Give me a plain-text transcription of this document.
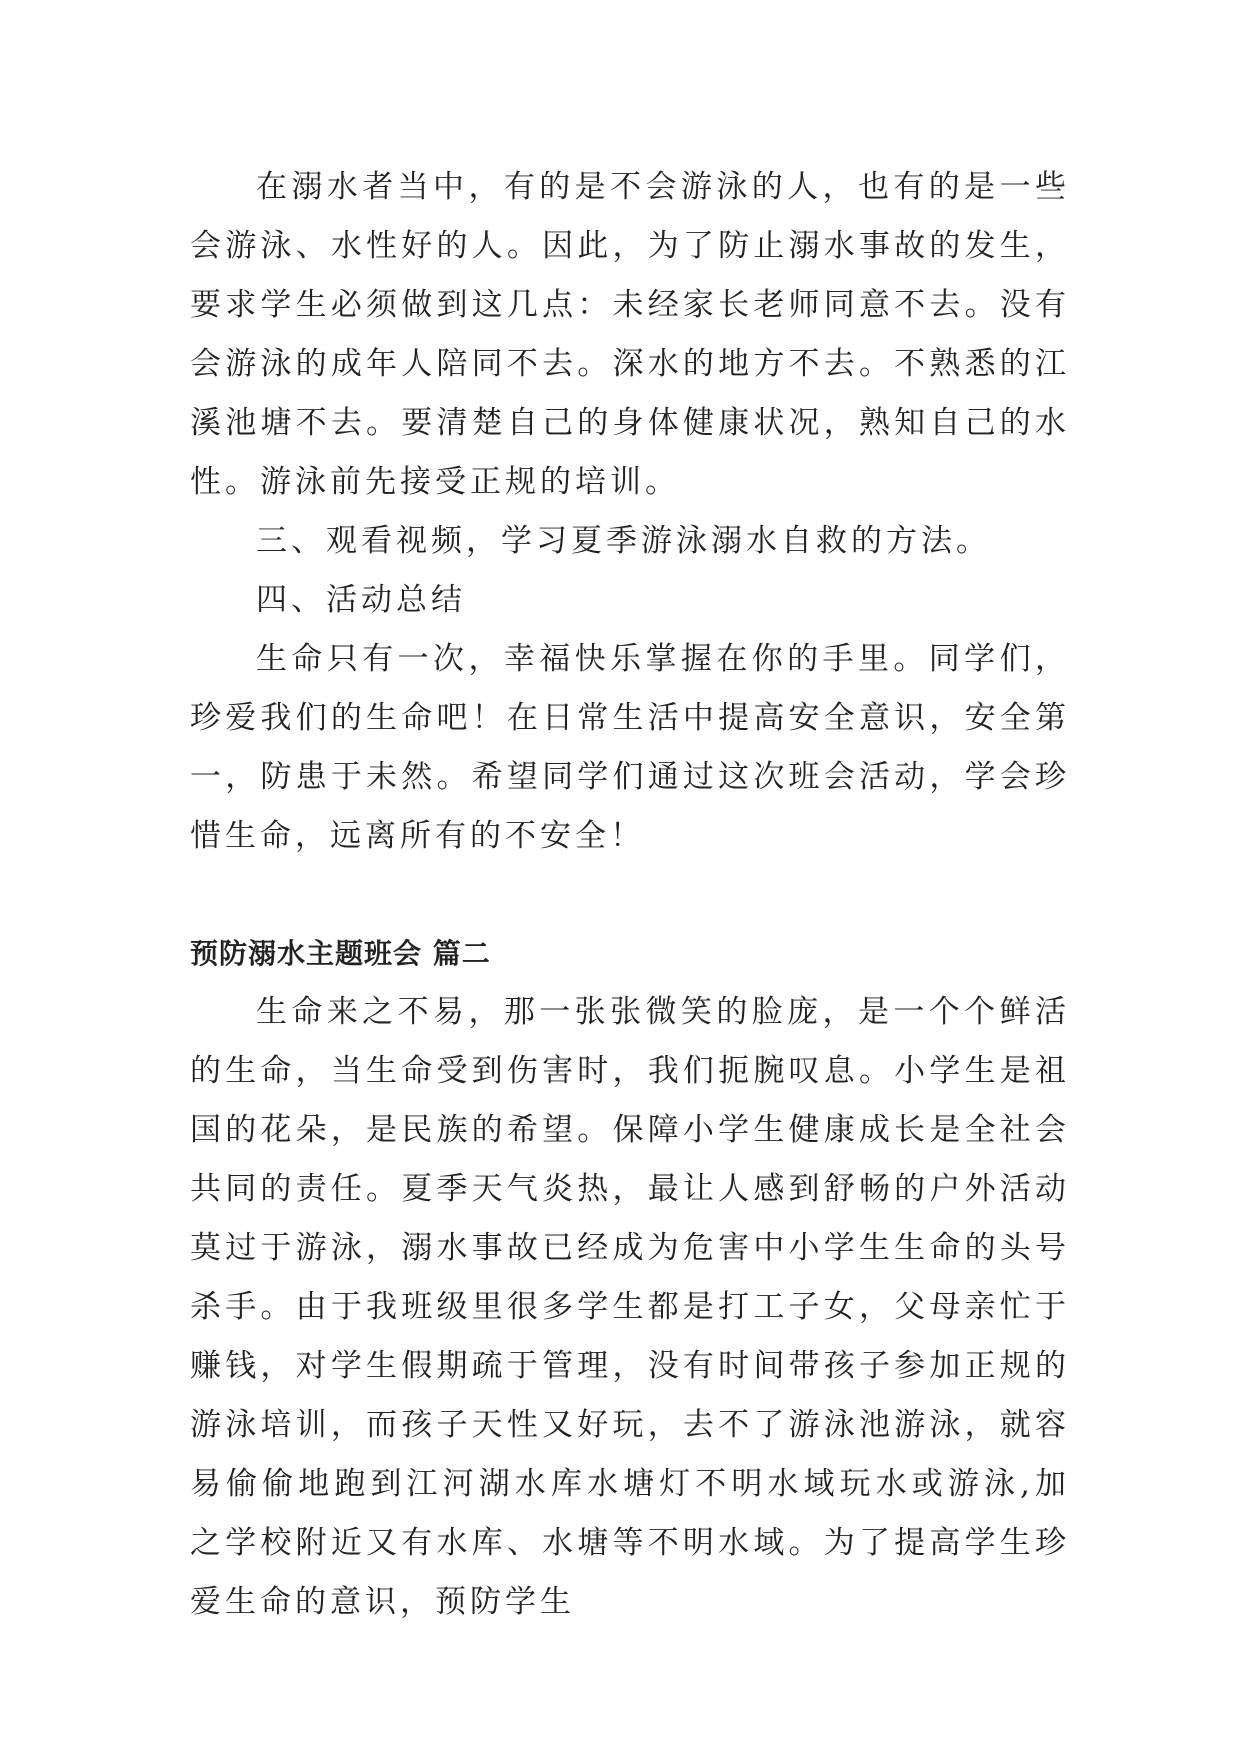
在溺水者当中，有的是不会游泳的人，也有的是一些会游泳、水性好的人。因此，为了防止溺水事故的发生，要求学生必须做到这几点：未经家长老师同意不去。没有会游泳的成年人陪同不去。深水的地方不去。不熟悉的江溪池塘不去。要清楚自己的身体健康状况，熟知自己的水性。游泳前先接受正规的培训。

三、观看视频，学习夏季游泳溺水自救的方法。

四、活动总结

生命只有一次，幸福快乐掌握在你的手里。同学们，珍爱我们的生命吧！在日常生活中提高安全意识，安全第一，防患于未然。希望同学们通过这次班会活动，学会珍惜生命，远离所有的不安全！

预防溺水主题班会 篇二

生命来之不易，那一张张微笑的脸庞，是一个个鲜活的生命，当生命受到伤害时，我们扼腕叹息。小学生是祖国的花朵，是民族的希望。保障小学生健康成长是全社会共同的责任。夏季天气炎热，最让人感到舒畅的户外活动莫过于游泳，溺水事故已经成为危害中小学生生命的头号杀手。由于我班级里很多学生都是打工子女，父母亲忙于赚钱，对学生假期疏于管理，没有时间带孩子参加正规的游泳培训，而孩子天性又好玩，去不了游泳池游泳，就容易偷偷地跑到江河湖水库水塘灯不明水域玩水或游泳,加之学校附近又有水库、水塘等不明水域。为了提高学生珍爱生命的意识，预防学生
